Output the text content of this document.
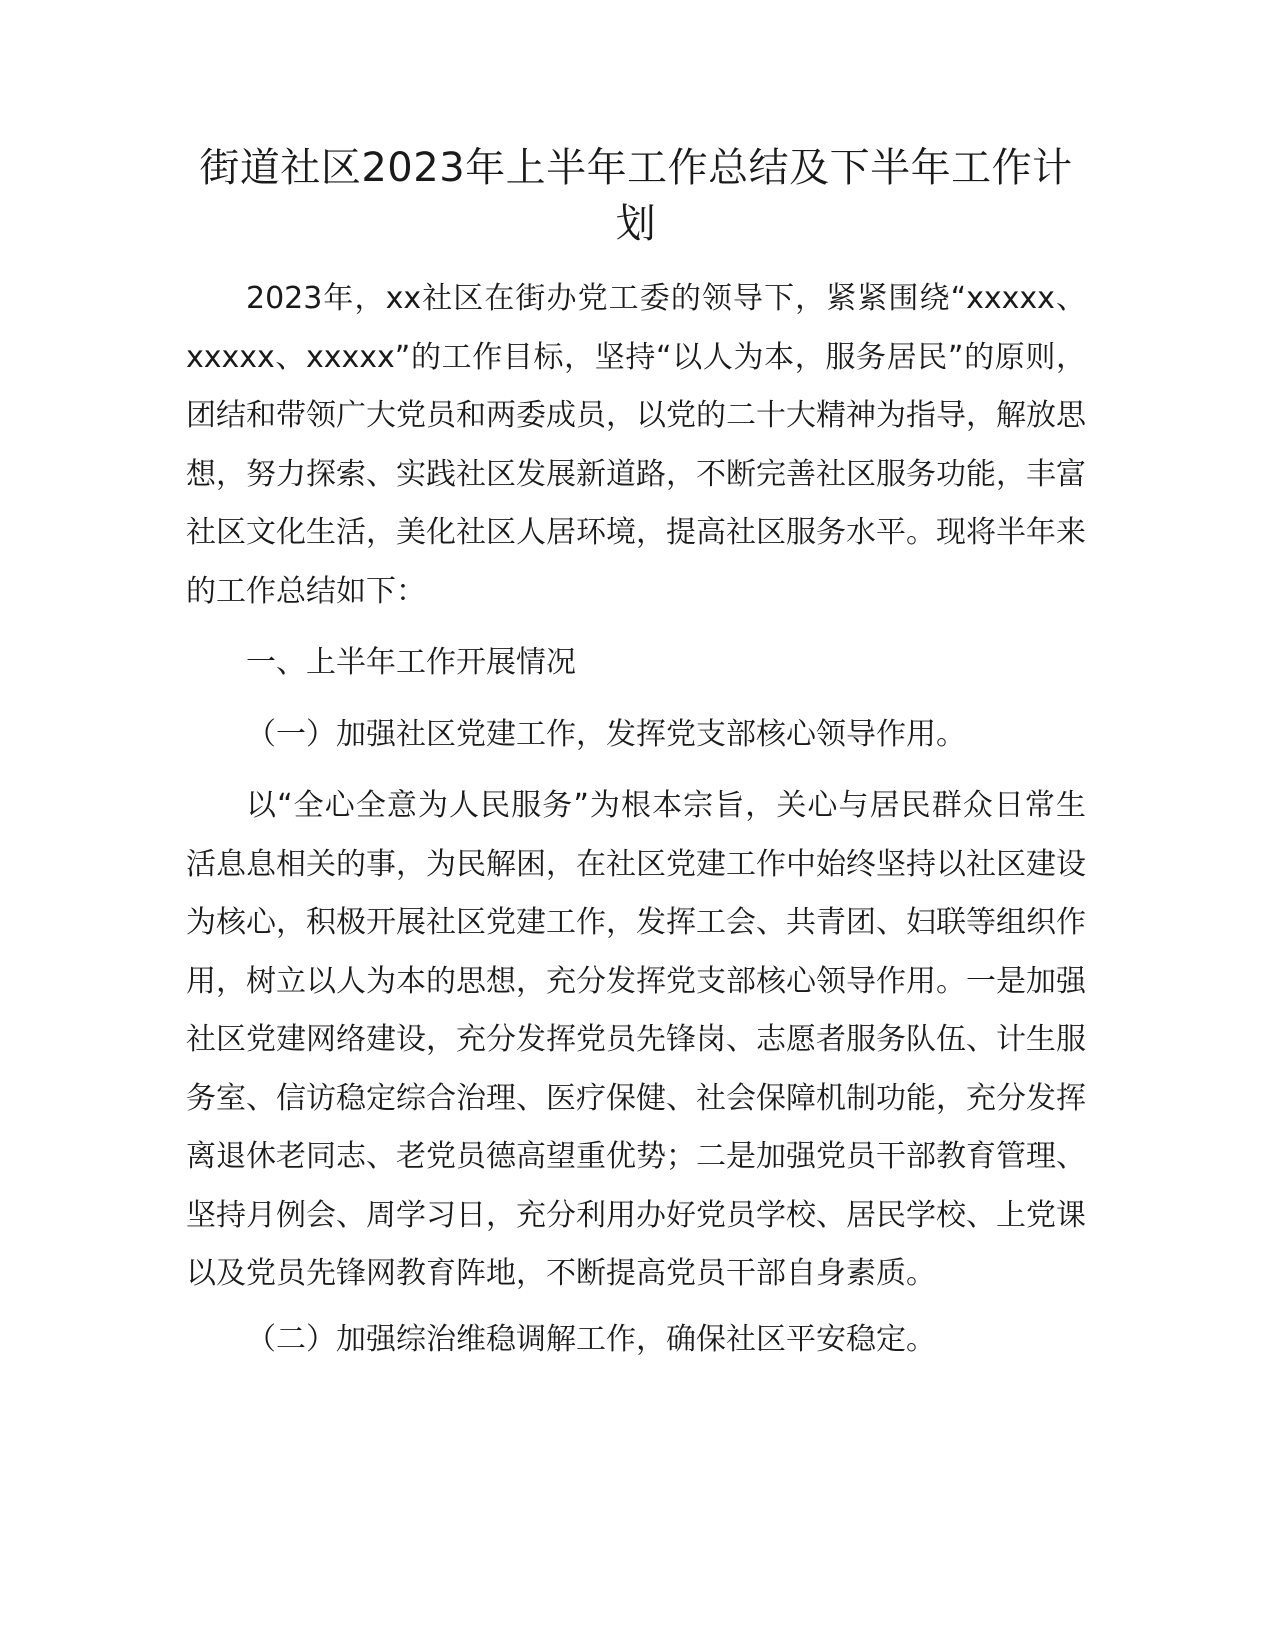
街道社区2023年上半年工作总结及下半年工作计划

2023年，xx社区在街办党工委的领导下，紧紧围绕“xxxxx、xxxxx、xxxxx”的工作目标，坚持“以人为本，服务居民”的原则，团结和带领广大党员和两委成员，以党的二十大精神为指导，解放思想，努力探索、实践社区发展新道路，不断完善社区服务功能，丰富社区文化生活，美化社区人居环境，提高社区服务水平。现将半年来的工作总结如下：

一、上半年工作开展情况

（一）加强社区党建工作，发挥党支部核心领导作用。

以“全心全意为人民服务”为根本宗旨，关心与居民群众日常生活息息相关的事，为民解困，在社区党建工作中始终坚持以社区建设为核心，积极开展社区党建工作，发挥工会、共青团、妇联等组织作用，树立以人为本的思想，充分发挥党支部核心领导作用。一是加强社区党建网络建设，充分发挥党员先锋岗、志愿者服务队伍、计生服务室、信访稳定综合治理、医疗保健、社会保障机制功能，充分发挥离退休老同志、老党员德高望重优势；二是加强党员干部教育管理、坚持月例会、周学习日，充分利用办好党员学校、居民学校、上党课以及党员先锋网教育阵地，不断提高党员干部自身素质。

（二）加强综治维稳调解工作，确保社区平安稳定。
